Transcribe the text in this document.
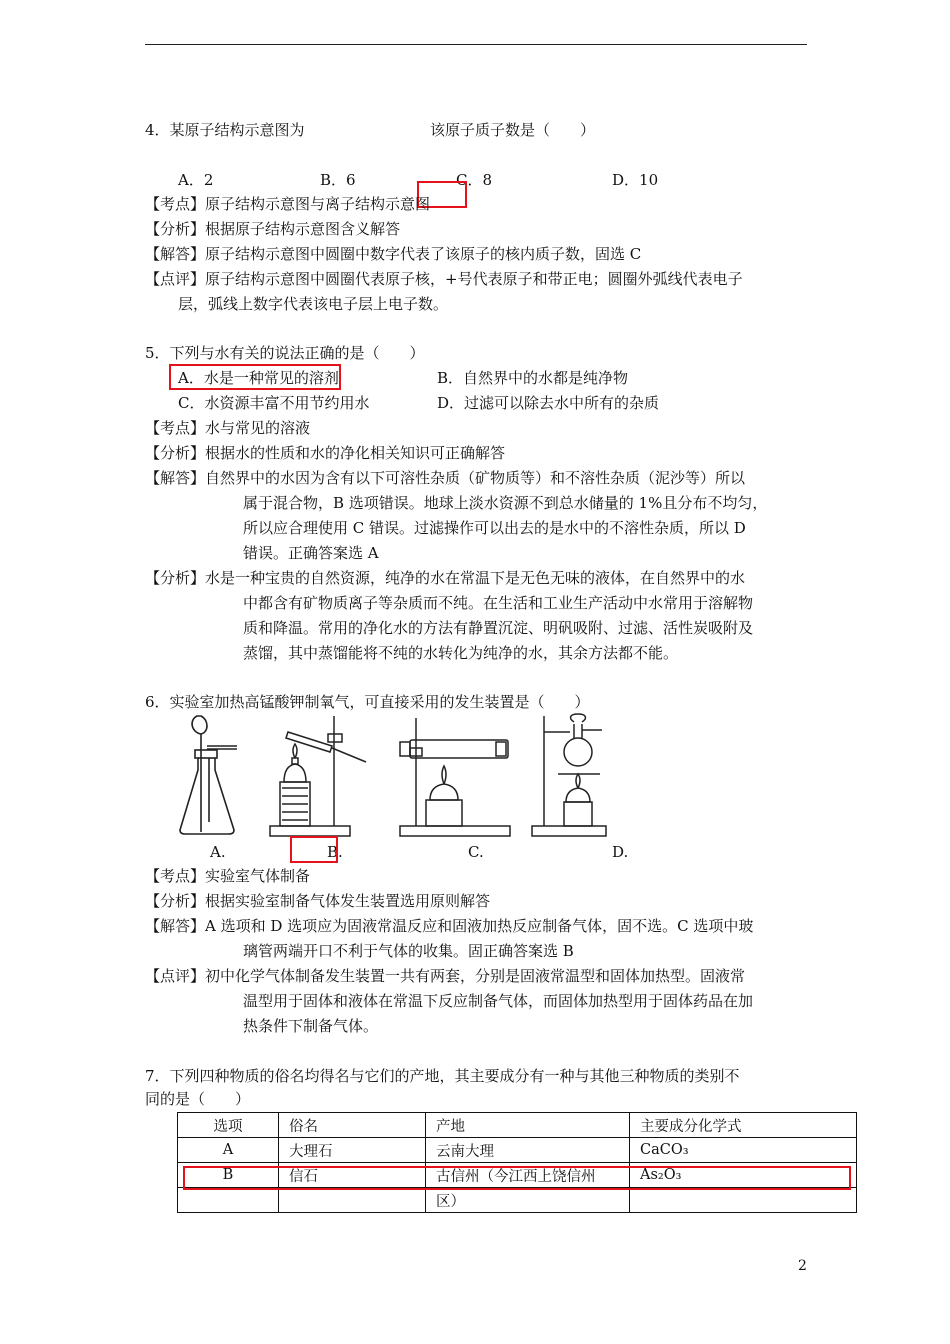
4．某原子结构示意图为	该原子质子数是（　　）
A．2	B．6	C．8	D．10
【考点】原子结构示意图与离子结构示意图
【分析】根据原子结构示意图含义解答
【解答】原子结构示意图中圆圈中数字代表了该原子的核内质子数，固选 C
【点评】原子结构示意图中圆圈代表原子核，+号代表原子和带正电；圆圈外弧线代表电子
层，弧线上数字代表该电子层上电子数。
5．下列与水有关的说法正确的是（　　）
A．水是一种常见的溶剂	B．自然界中的水都是纯净物
C．水资源丰富不用节约用水	D．过滤可以除去水中所有的杂质
【考点】水与常见的溶液
【分析】根据水的性质和水的净化相关知识可正确解答
【解答】自然界中的水因为含有以下可溶性杂质（矿物质等）和不溶性杂质（泥沙等）所以
属于混合物，B 选项错误。地球上淡水资源不到总水储量的 1%且分布不均匀，
所以应合理使用 C 错误。过滤操作可以出去的是水中的不溶性杂质，所以 D
错误。正确答案选 A
【分析】水是一种宝贵的自然资源，纯净的水在常温下是无色无味的液体，在自然界中的水
中都含有矿物质离子等杂质而不纯。在生活和工业生产活动中水常用于溶解物
质和降温。常用的净化水的方法有静置沉淀、明矾吸附、过滤、活性炭吸附及
蒸馏，其中蒸馏能将不纯的水转化为纯净的水，其余方法都不能。
6．实验室加热高锰酸钾制氧气，可直接采用的发生装置是（　　）
A.	B.	C.	D.
【考点】实验室气体制备
【分析】根据实验室制备气体发生装置选用原则解答
【解答】A 选项和 D 选项应为固液常温反应和固液加热反应制备气体，固不选。C 选项中玻
璃管两端开口不利于气体的收集。固正确答案选 B
【点评】初中化学气体制备发生装置一共有两套，分别是固液常温型和固体加热型。固液常
温型用于固体和液体在常温下反应制备气体，而固体加热型用于固体药品在加
热条件下制备气体。
7．下列四种物质的俗名均得名与它们的产地，其主要成分有一种与其他三种物质的类别不
同的是（　　）
选项	俗名	产地	主要成分化学式
A	大理石	云南大理	CaCO₃
B	信石	古信州（今江西上饶信州	As₂O₃
		区）	
2
